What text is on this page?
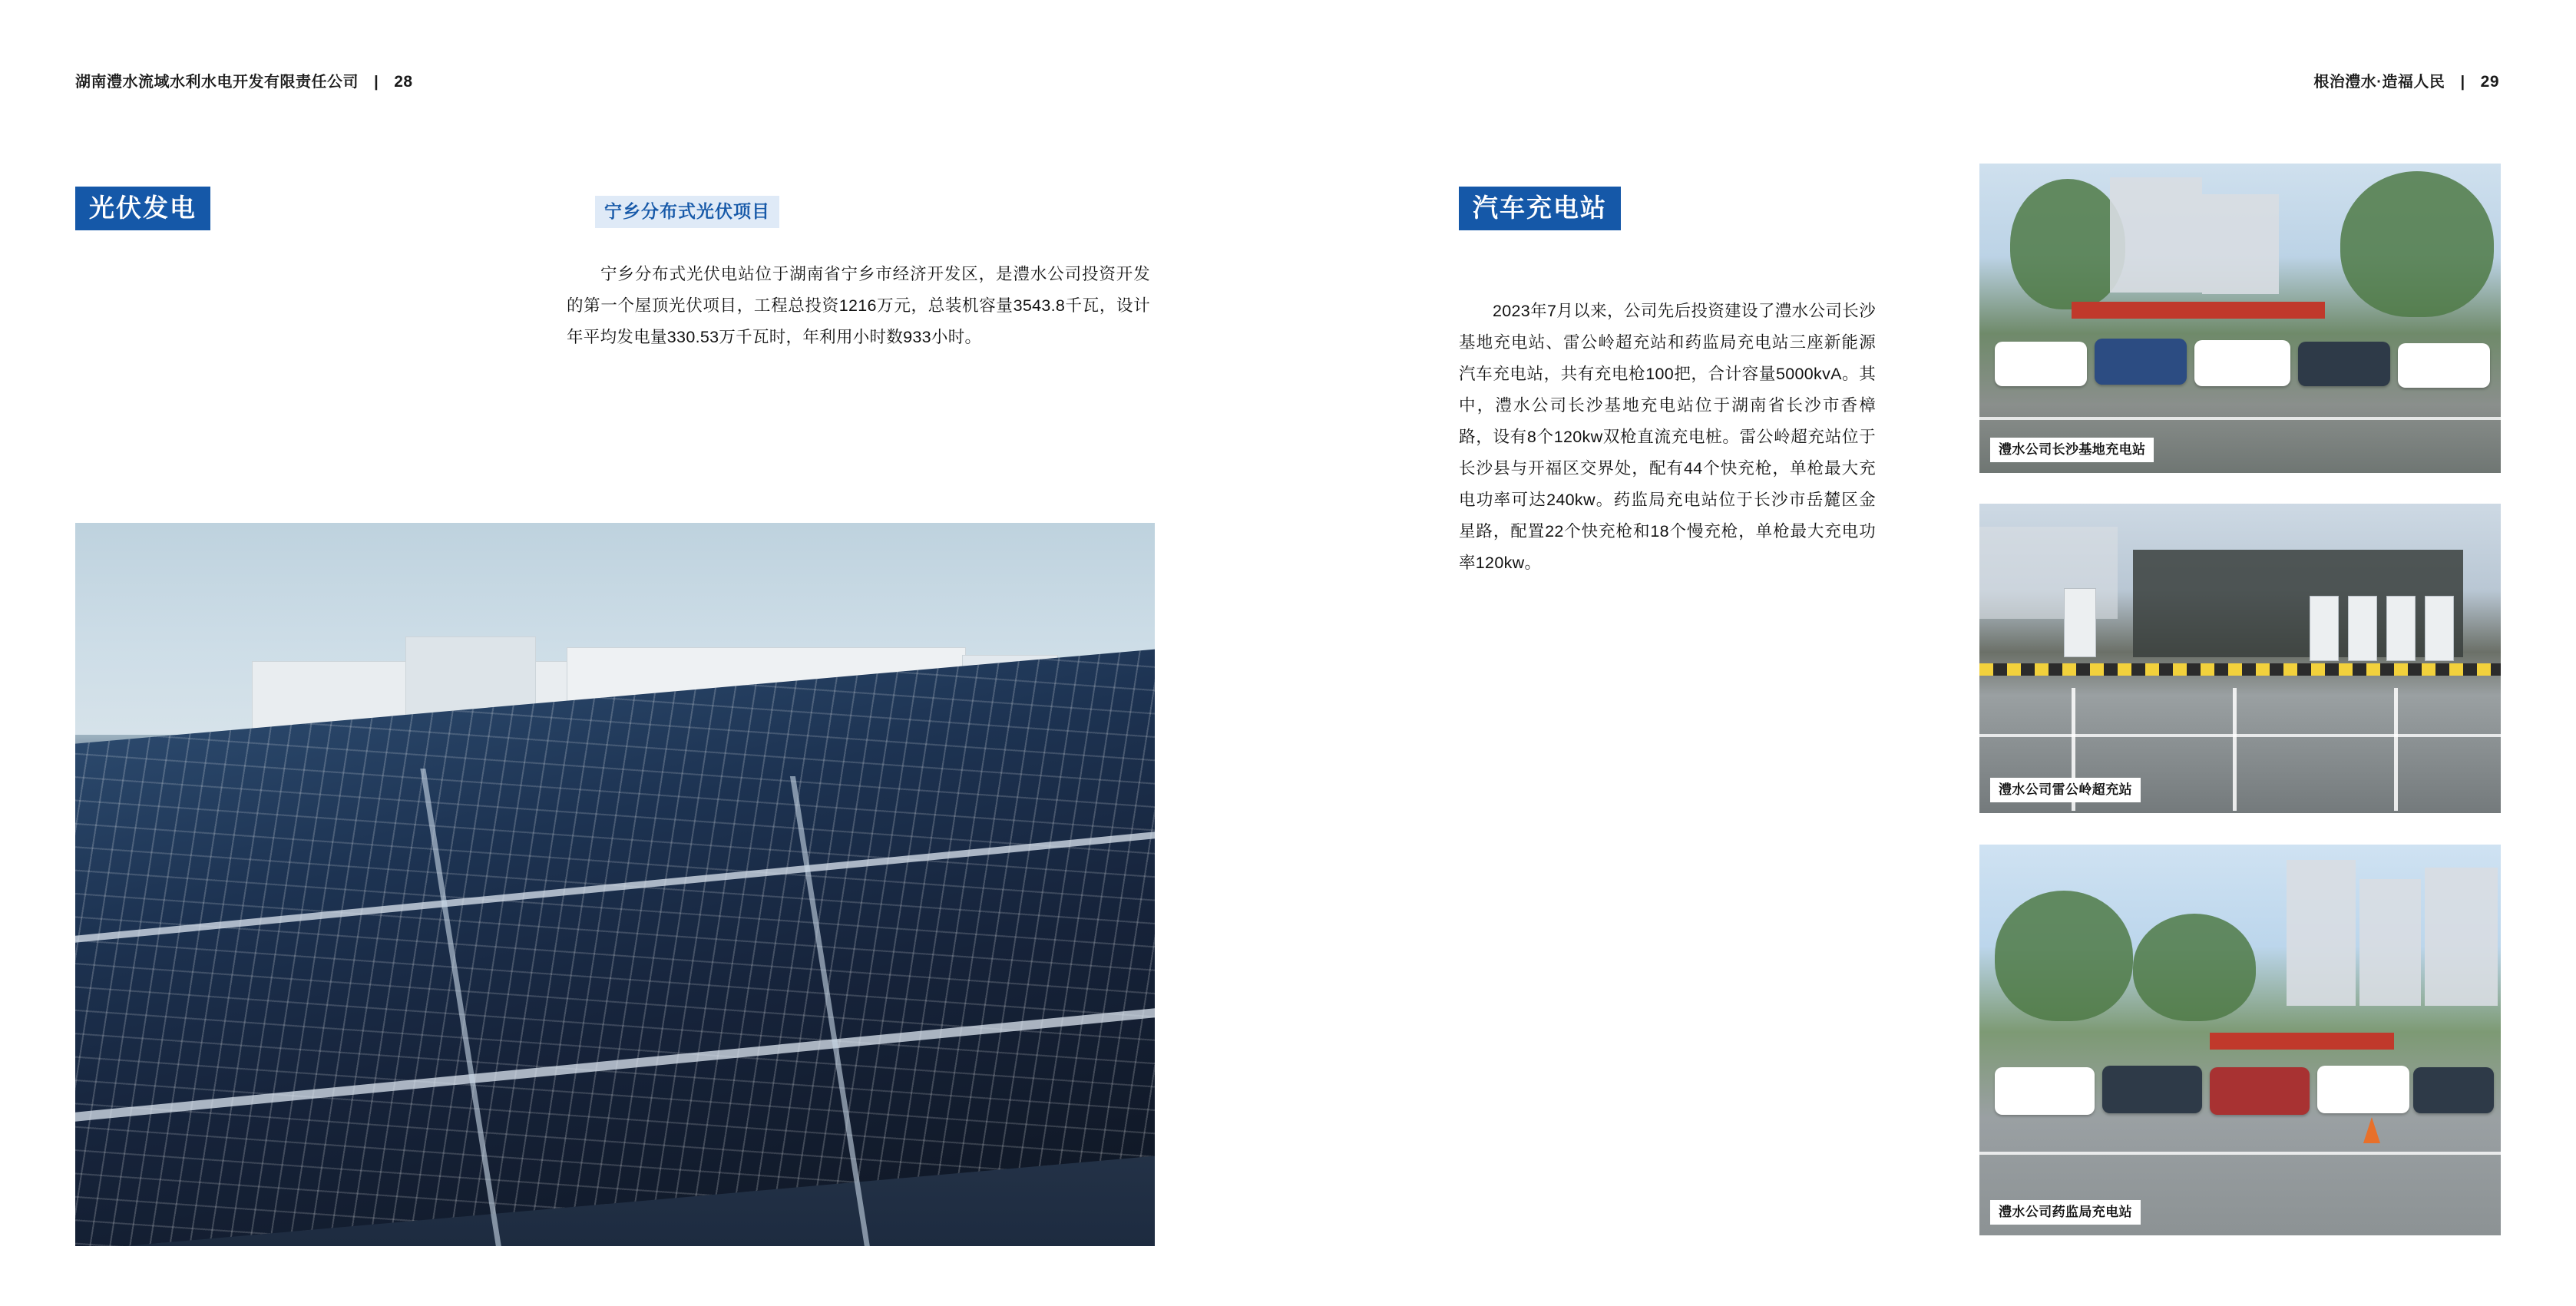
湖南澧水流域水利水电开发有限责任公司 | 28
光伏发电	宁乡分布式光伏项目
宁乡分布式光伏电站位于湖南省宁乡市经济开发区，是澧水公司投资开发的第一个屋顶光伏项目，工程总投资1216万元，总装机容量3543.8千瓦，设计年平均发电量330.53万千瓦时，年利用小时数933小时。
根治澧水·造福人民 | 29
汽车充电站
2023年7月以来，公司先后投资建设了澧水公司长沙基地充电站、雷公岭超充站和药监局充电站三座新能源汽车充电站，共有充电枪100把，合计容量5000kvA。其中，澧水公司长沙基地充电站位于湖南省长沙市香樟路，设有8个120kw双枪直流充电桩。雷公岭超充站位于长沙县与开福区交界处，配有44个快充枪，单枪最大充电功率可达240kw。药监局充电站位于长沙市岳麓区金星路，配置22个快充枪和18个慢充枪，单枪最大充电功率120kw。
澧水公司长沙基地充电站
澧水公司雷公岭超充站
澧水公司药监局充电站
